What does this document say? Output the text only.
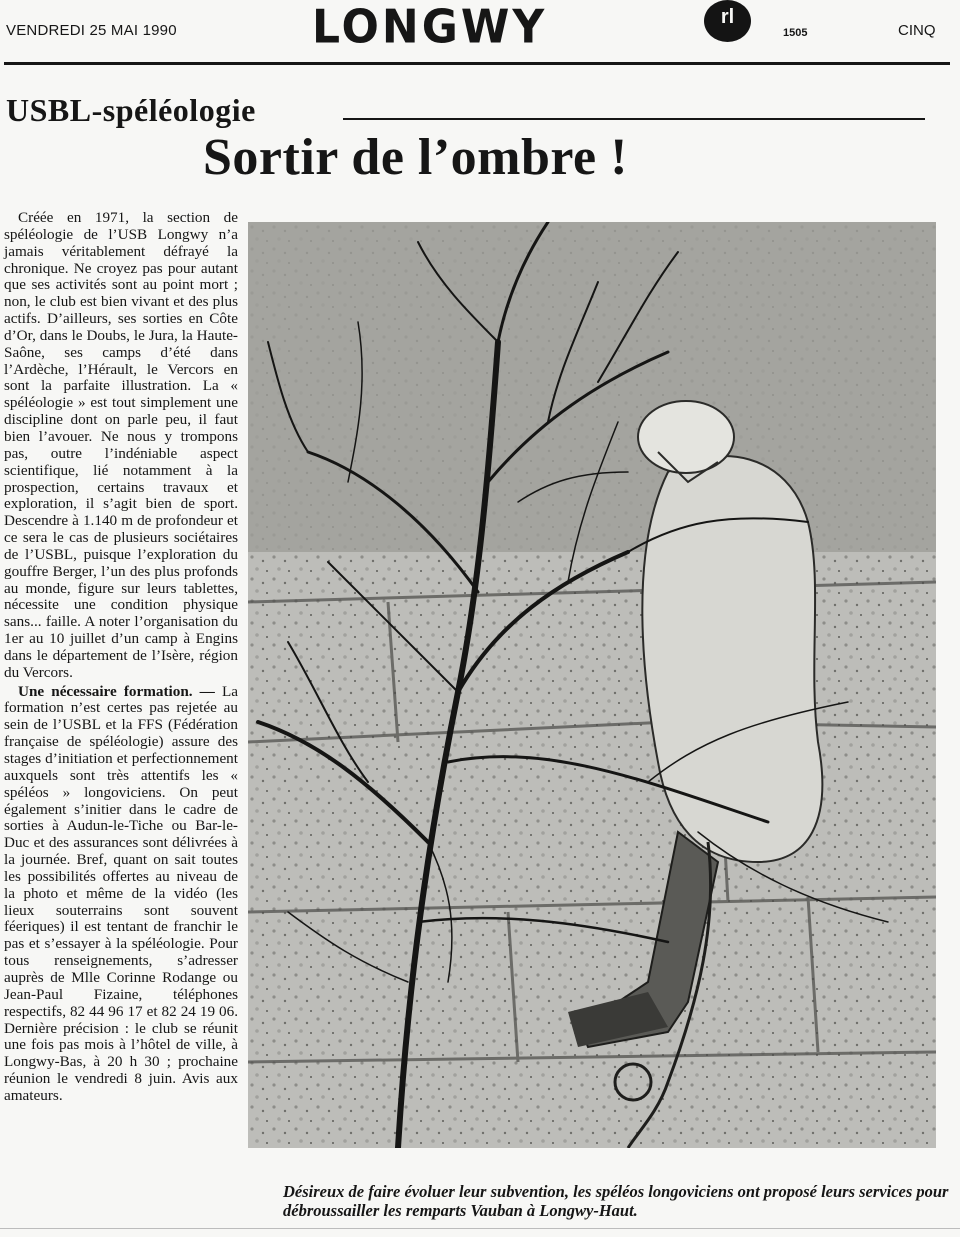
VENDREDI 25 MAI 1990	LONGWY	rl
1505	CINQ
USBL-spéléologie
Sortir de l’ombre !

Créée en 1971, la section de spéléologie de l’USB Longwy n’a jamais véritablement défrayé la chronique. Ne croyez pas pour autant que ses activités sont au point mort ; non, le club est bien vivant et des plus actifs. D’ailleurs, ses sorties en Côte d’Or, dans le Doubs, le Jura, la Haute-Saône, ses camps d’été dans l’Ardèche, l’Hérault, le Vercors en sont la parfaite illustration. La « spéléologie » est tout simplement une discipline dont on parle peu, il faut bien l’avouer. Ne nous y trompons pas, outre l’indéniable aspect scientifique, lié notamment à la prospection, certains travaux et exploration, il s’agit bien de sport. Descendre à 1.140 m de profondeur et ce sera le cas de plusieurs sociétaires de l’USBL, puisque l’exploration du gouffre Berger, l’un des plus profonds au monde, figure sur leurs tablettes, nécessite une condition physique sans... faille. A noter l’organisation du 1er au 10 juillet d’un camp à Engins dans le département de l’Isère, région du Vercors.

Une nécessaire formation. — La formation n’est certes pas rejetée au sein de l’USBL et la FFS (Fédération française de spéléologie) assure des stages d’initiation et perfectionnement auxquels sont très attentifs les « spéléos » longoviciens. On peut également s’initier dans le cadre de sorties à Audun-le-Tiche ou Bar-le-Duc et des assurances sont délivrées à la journée. Bref, quant on sait toutes les possibilités offertes au niveau de la photo et même de la vidéo (les lieux souterrains sont souvent féeriques) il est tentant de franchir le pas et s’essayer à la spéléologie. Pour tous renseignements, s’adresser auprès de Mlle Corinne Rodange ou Jean-Paul Fizaine, téléphones respectifs, 82 44 96 17 et 82 24 19 06. Dernière précision : le club se réunit une fois pas mois à l’hôtel de ville, à Longwy-Bas, à 20 h 30 ; prochaine réunion le vendredi 8 juin. Avis aux amateurs.

Désireux de faire évoluer leur subvention, les spéléos longoviciens ont proposé leurs services pour débroussailler les remparts Vauban à Longwy-Haut.
